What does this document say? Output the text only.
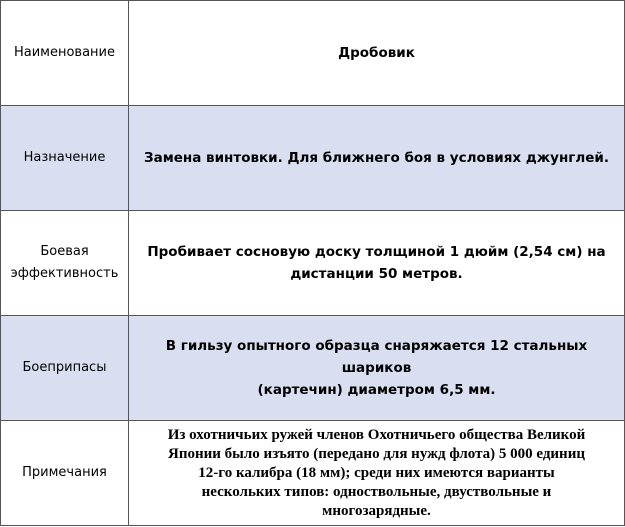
Наименование	Дробовик
Назначение	Замена винтовки. Для ближнего боя в условиях джунглей.
Боевая
эффективность	Пробивает сосновую доску толщиной 1 дюйм (2,54 см) на
дистанции 50 метров.
Боеприпасы	В гильзу опытного образца снаряжается 12 стальных шариков
(картечин) диаметром 6,5 мм.
Примечания	Из охотничьих ружей членов Охотничьего общества Великой
Японии было изъято (передано для нужд флота) 5 000 единиц
12-го калибра (18 мм); среди них имеются варианты
нескольких типов: одноствольные, двуствольные и
многозарядные.
